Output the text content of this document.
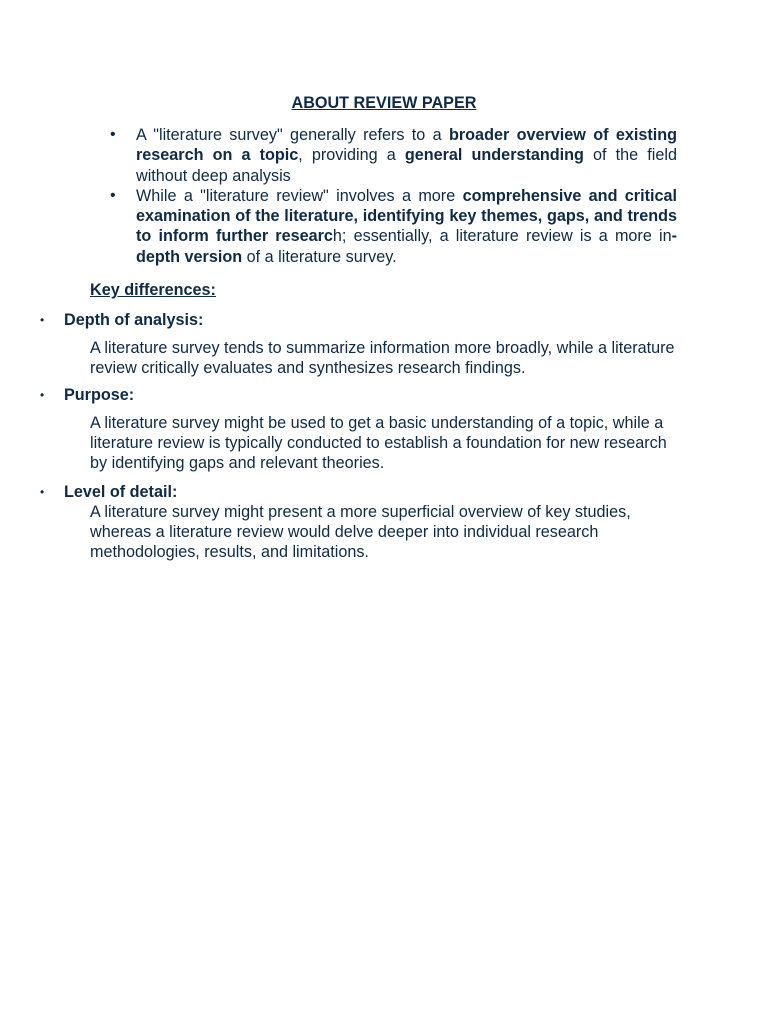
ABOUT REVIEW PAPER
• A "literature survey" generally refers to a broader overview of existing research on a topic, providing a general understanding of the field without deep analysis
• While a "literature review" involves a more comprehensive and critical examination of the literature, identifying key themes, gaps, and trends to inform further research; essentially, a literature review is a more in-depth version of a literature survey.
Key differences:
• Depth of analysis:
A literature survey tends to summarize information more broadly, while a literature review critically evaluates and synthesizes research findings.
• Purpose:
A literature survey might be used to get a basic understanding of a topic, while a literature review is typically conducted to establish a foundation for new research by identifying gaps and relevant theories.
• Level of detail:
A literature survey might present a more superficial overview of key studies, whereas a literature review would delve deeper into individual research methodologies, results, and limitations.
